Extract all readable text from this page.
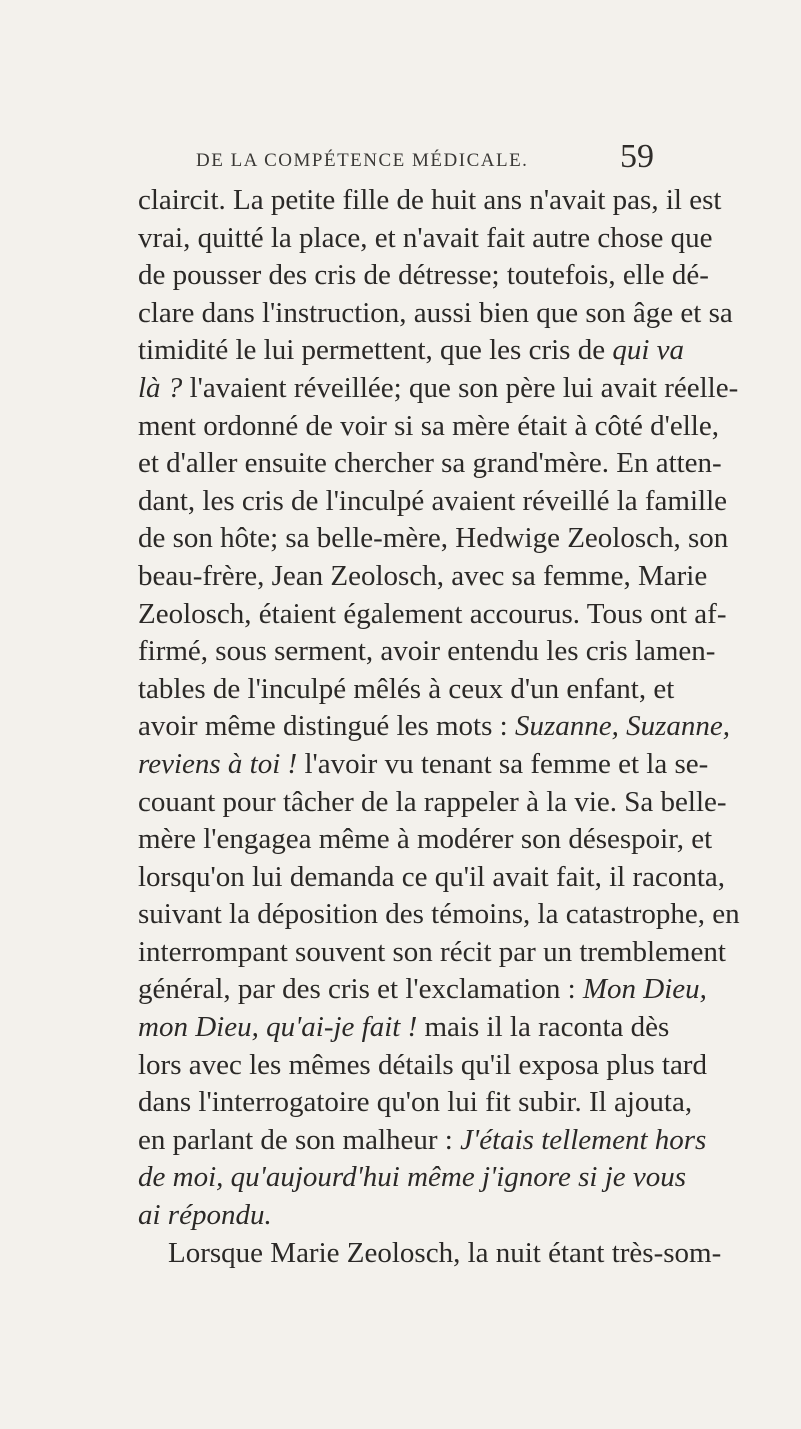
DE LA COMPÉTENCE MÉDICALE.	59
claircit. La petite fille de huit ans n'avait pas, il est
vrai, quitté la place, et n'avait fait autre chose que
de pousser des cris de détresse; toutefois, elle dé-
clare dans l'instruction, aussi bien que son âge et sa
timidité le lui permettent, que les cris de qui va
là ? l'avaient réveillée; que son père lui avait réelle-
ment ordonné de voir si sa mère était à côté d'elle,
et d'aller ensuite chercher sa grand'mère. En atten-
dant, les cris de l'inculpé avaient réveillé la famille
de son hôte; sa belle-mère, Hedwige Zeolosch, son
beau-frère, Jean Zeolosch, avec sa femme, Marie
Zeolosch, étaient également accourus. Tous ont af-
firmé, sous serment, avoir entendu les cris lamen-
tables de l'inculpé mêlés à ceux d'un enfant, et
avoir même distingué les mots : Suzanne, Suzanne,
reviens à toi ! l'avoir vu tenant sa femme et la se-
couant pour tâcher de la rappeler à la vie. Sa belle-
mère l'engagea même à modérer son désespoir, et
lorsqu'on lui demanda ce qu'il avait fait, il raconta,
suivant la déposition des témoins, la catastrophe, en
interrompant souvent son récit par un tremblement
général, par des cris et l'exclamation : Mon Dieu,
mon Dieu, qu'ai-je fait ! mais il la raconta dès
lors avec les mêmes détails qu'il exposa plus tard
dans l'interrogatoire qu'on lui fit subir. Il ajouta,
en parlant de son malheur : J'étais tellement hors
de moi, qu'aujourd'hui même j'ignore si je vous
ai répondu.
Lorsque Marie Zeolosch, la nuit étant très-som-
